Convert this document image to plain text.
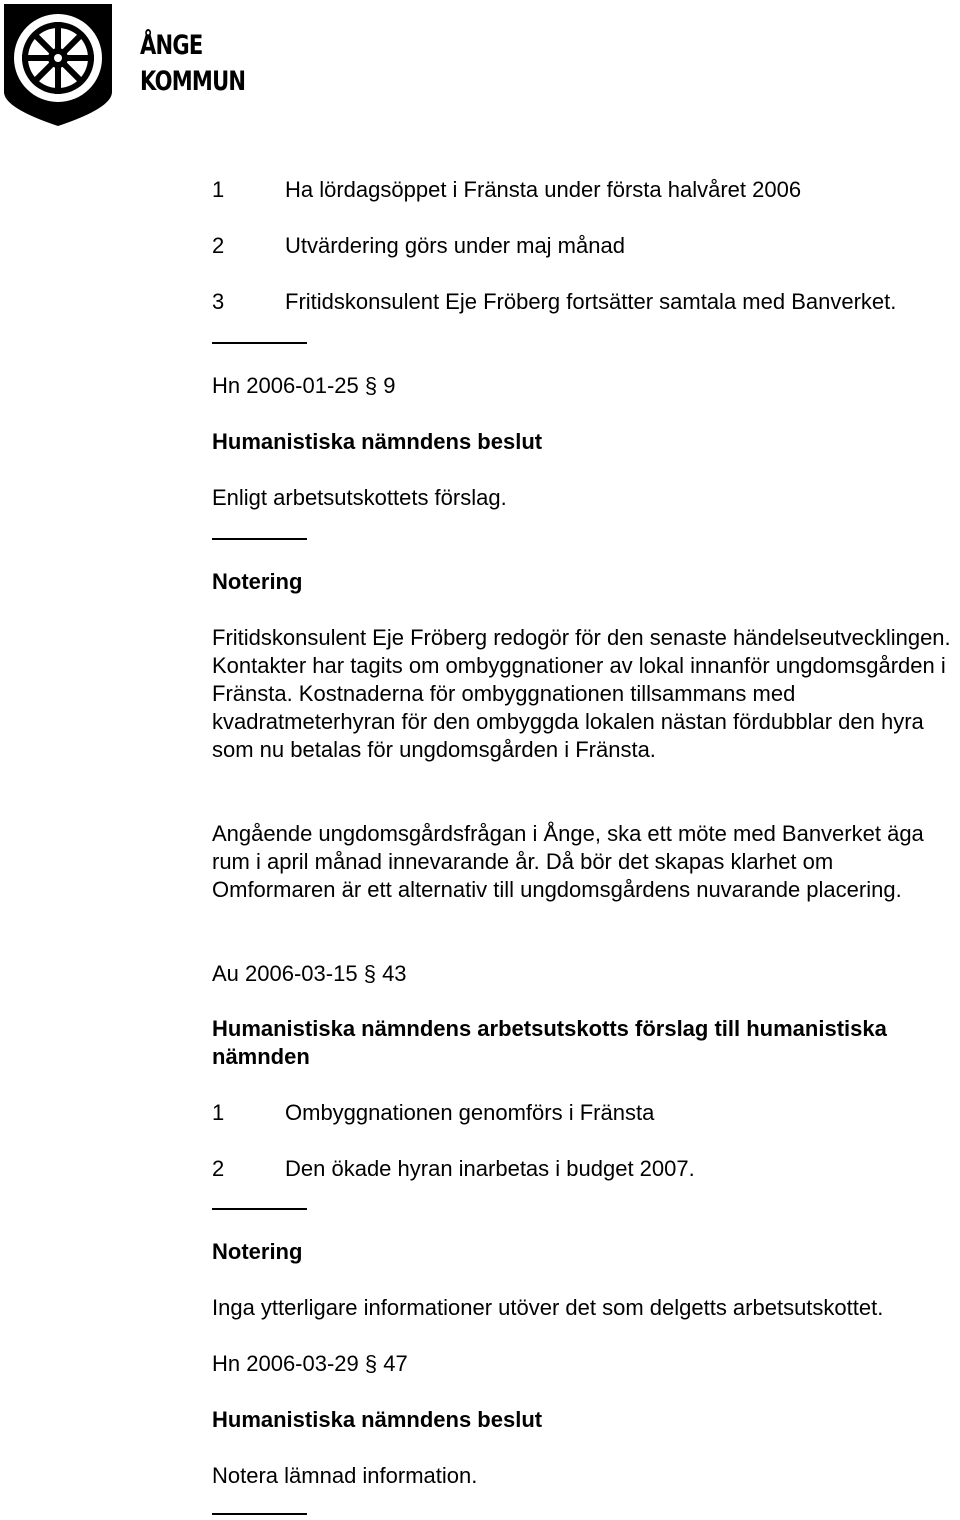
ÅNGE
KOMMUN
1	Ha lördagsöppet i Fränsta under första halvåret 2006
2	Utvärdering görs under maj månad
3	Fritidskonsulent Eje Fröberg fortsätter samtala med Banverket.
Hn 2006-01-25 § 9
Humanistiska nämndens beslut
Enligt arbetsutskottets förslag.
Notering
Fritidskonsulent Eje Fröberg redogör för den senaste händelseutvecklingen. Kontakter har tagits om ombyggnationer av lokal innanför ungdomsgården i Fränsta. Kostnaderna för ombyggnationen tillsammans med kvadratmeterhyran för den ombyggda lokalen nästan fördubblar den hyra som nu betalas för ungdomsgården i Fränsta.
Angående ungdomsgårdsfrågan i Ånge, ska ett möte med Banverket äga rum i april månad innevarande år. Då bör det skapas klarhet om Omformaren är ett alternativ till ungdomsgårdens nuvarande placering.
Au 2006-03-15 § 43
Humanistiska nämndens arbetsutskotts förslag till humanistiska nämnden
1	Ombyggnationen genomförs i Fränsta
2	Den ökade hyran inarbetas i budget 2007.
Notering
Inga ytterligare informationer utöver det som delgetts arbetsutskottet.
Hn 2006-03-29 § 47
Humanistiska nämndens beslut
Notera lämnad information.
